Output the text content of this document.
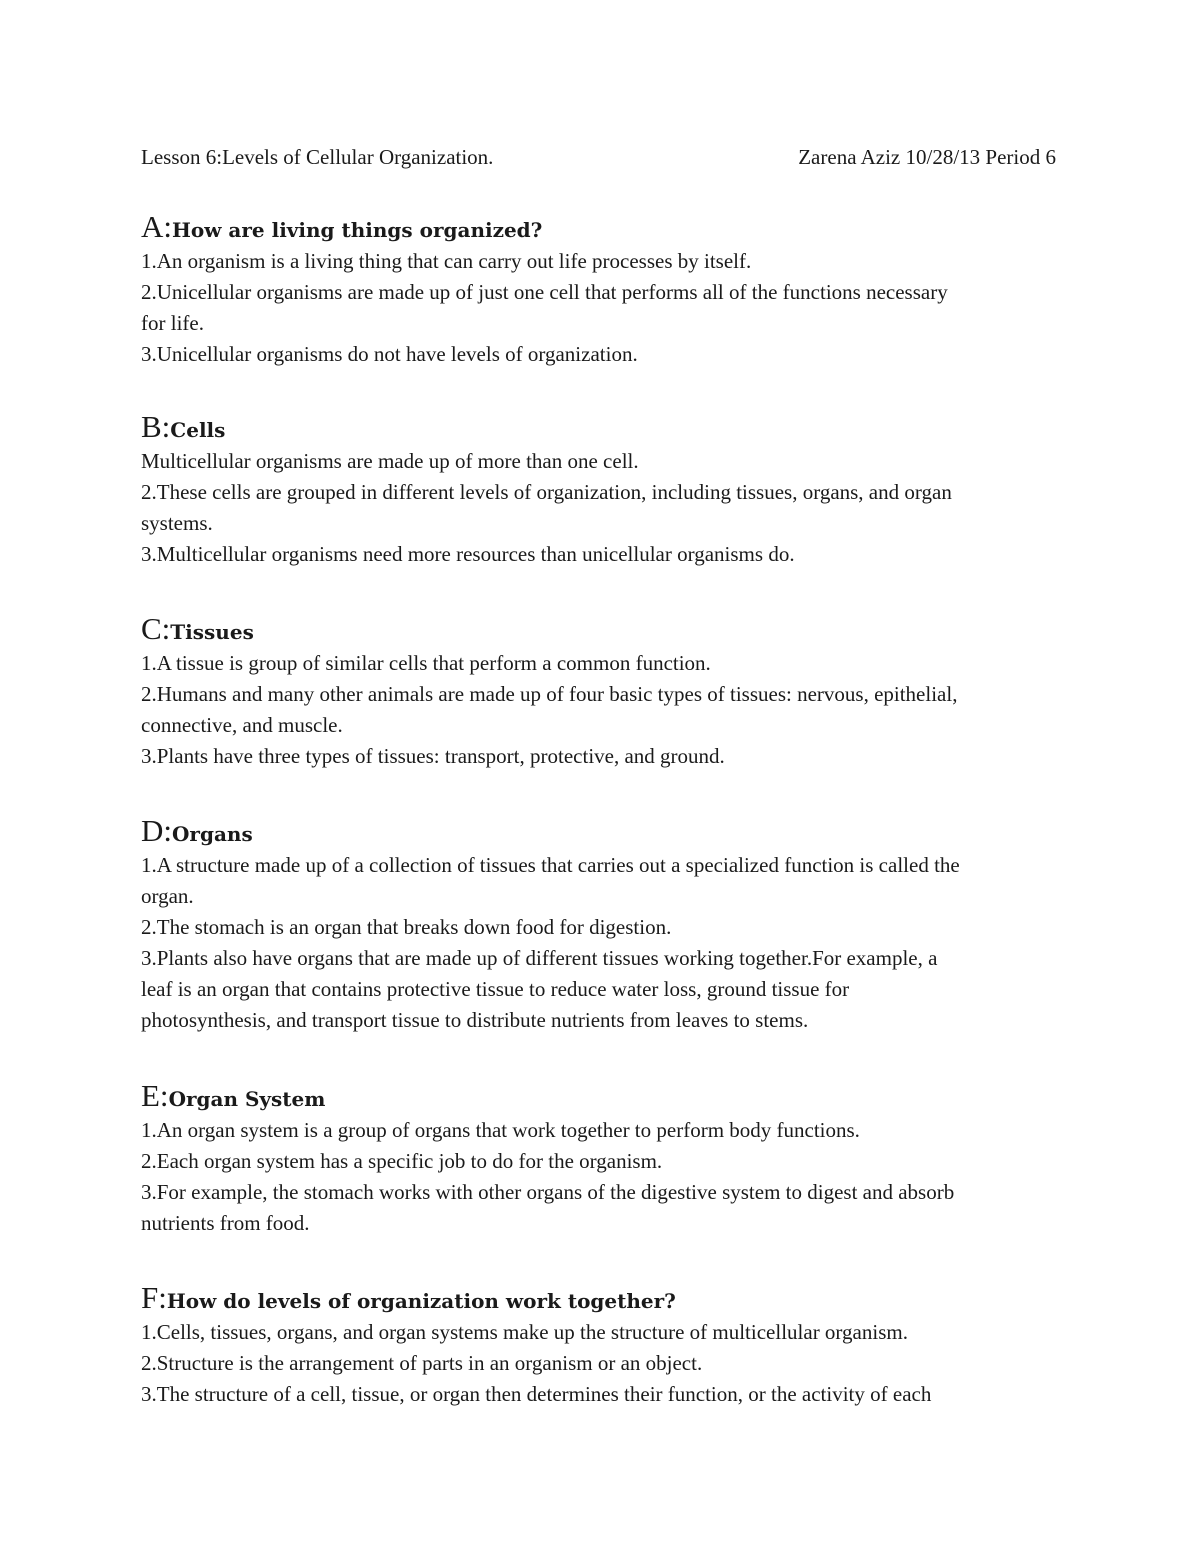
Lesson 6:Levels of Cellular Organization.	Zarena Aziz 10/28/13 Period 6
A:How are living things organized?
1.An organism is a living thing that can carry out life processes by itself.
2.Unicellular organisms are made up of just one cell that performs all of the functions necessary
for life.
3.Unicellular organisms do not have levels of organization.
B:Cells
Multicellular organisms are made up of more than one cell.
2.These cells are grouped in different levels of organization, including tissues, organs, and organ
systems.
3.Multicellular organisms need more resources than unicellular organisms do.
C:Tissues
1.A tissue is group of similar cells that perform a common function.
2.Humans and many other animals are made up of four basic types of tissues: nervous, epithelial,
connective, and muscle.
3.Plants have three types of tissues: transport, protective, and ground.
D:Organs
1.A structure made up of a collection of tissues that carries out a specialized function is called the
organ.
2.The stomach is an organ that breaks down food for digestion.
3.Plants also have organs that are made up of different tissues working together.For example, a
leaf is an organ that contains protective tissue to reduce water loss, ground tissue for
photosynthesis, and transport tissue to distribute nutrients from leaves to stems.
E:Organ System
1.An organ system is a group of organs that work together to perform body functions.
2.Each organ system has a specific job to do for the organism.
3.For example, the stomach works with other organs of the digestive system to digest and absorb
nutrients from food.
F:How do levels of organization work together?
1.Cells, tissues, organs, and organ systems make up the structure of multicellular organism.
2.Structure is the arrangement of parts in an organism or an object.
3.The structure of a cell, tissue, or organ then determines their function, or the activity of each
